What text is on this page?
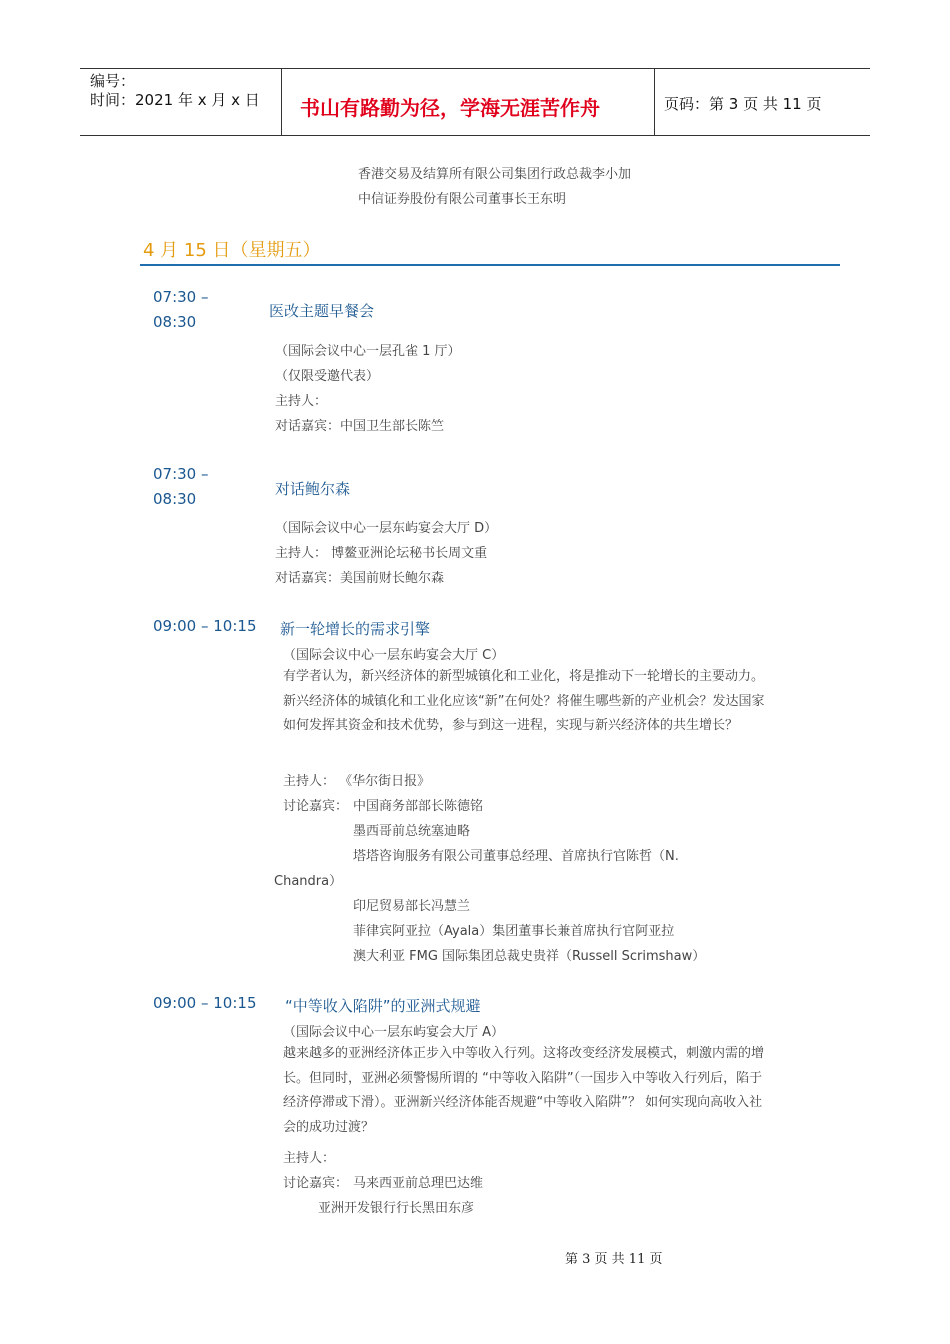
编号：
时间：2021 年 x 月 x 日 书山有路勤为径，学海无涯苦作舟	页码：第 3 页 共 11 页
香港交易及结算所有限公司集团行政总裁李小加
中信证券股份有限公司董事长王东明
4 月 15 日（星期五）
07:30 –
08:30
医改主题早餐会
（国际会议中心一层孔雀 1 厅）
（仅限受邀代表）
主持人：
对话嘉宾：中国卫生部长陈竺
07:30 –
08:30
对话鲍尔森
（国际会议中心一层东屿宴会大厅 D）
主持人： 博鳌亚洲论坛秘书长周文重
对话嘉宾：美国前财长鲍尔森
09:00 – 10:15 新一轮增长的需求引擎
（国际会议中心一层东屿宴会大厅 C）
有学者认为，新兴经济体的新型城镇化和工业化，将是推动下一轮增长的主要动力。新兴经济体的城镇化和工业化应该“新”在何处？将催生哪些新的产业机会？发达国家如何发挥其资金和技术优势，参与到这一进程，实现与新兴经济体的共生增长？
主持人： 《华尔街日报》
讨论嘉宾： 中国商务部部长陈德铭
墨西哥前总统塞迪略
塔塔咨询服务有限公司董事总经理、首席执行官陈哲（N.
Chandra）
印尼贸易部长冯慧兰
菲律宾阿亚拉（Ayala）集团董事长兼首席执行官阿亚拉
澳大利亚 FMG 国际集团总裁史贵祥（Russell Scrimshaw）
09:00 – 10:15 “中等收入陷阱”的亚洲式规避
（国际会议中心一层东屿宴会大厅 A）
越来越多的亚洲经济体正步入中等收入行列。这将改变经济发展模式，刺激内需的增长。但同时，亚洲必须警惕所谓的 “中等收入陷阱”（一国步入中等收入行列后，陷于经济停滞或下滑）。亚洲新兴经济体能否规避“中等收入陷阱”？ 如何实现向高收入社会的成功过渡？
主持人：
讨论嘉宾： 马来西亚前总理巴达维
亚洲开发银行行长黑田东彦
第 3 页 共 11 页
